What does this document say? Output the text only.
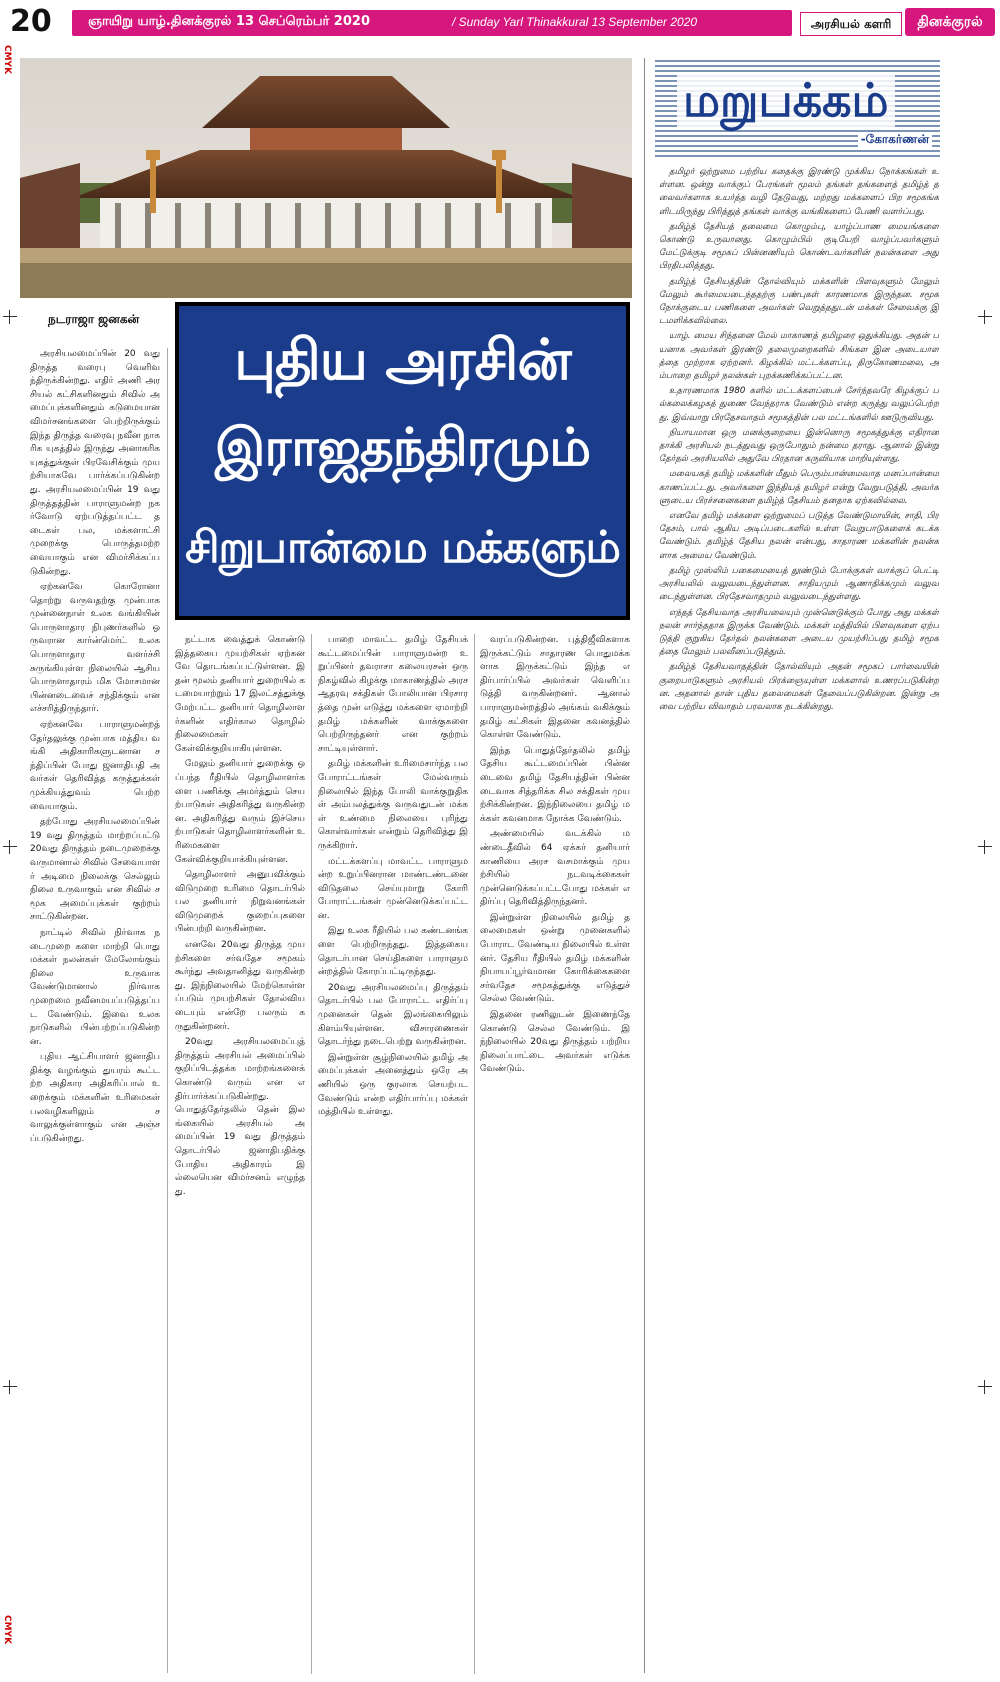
20	ஞாயிறு யாழ்.தினக்குரல் 13 செப்ரெம்பர் 2020	/ Sunday Yarl Thinakkural 13 September 2020	அரசியல் களரி	தினக்குரல்
CMYK
CMYK
நடராஜா ஜனகன்
புதிய அரசின்
இராஜதந்திரமும்
சிறுபான்மை மக்களும்

அரசியலமைப்பின் 20 வது திருத்த வரைபு வெளிவந்திருக்கின்றது. எதிர் அணி அரசியல் கட்சிகளினதும் சிவில் அமைப்புக்களினதும் கடுமையான விமர்சனங்களை பெற்றிருக்கும் இந்த திருத்த வரைவு நவீன நாகரிக யுகத்தில் இருந்து அனாகரிக யுகத்துக்குள் பிரவேசிக்கும் முயற்சியாகவே பார்க்கப்படுகின்றது. அரசியலமைப்பின் 19 வது திருத்தத்தின் பாராளுமன்ற நகர்வோடு ஏற்படுத்தப்பட்ட தடைகள் பல, மக்களாட்சி முறைக்கு பொருத்தமற்றவையாகும் என விமர்சிக்கப்படுகின்றது.

ஏற்கனவே கொரோனா தொற்று வருவதற்கு முன்பாக முன்னைநாள் உலக வங்கியின் பொருளாதார நிபுணர்களில் ஒருவரான கார்ன்மெர்ட் உலக பொருளாதார வளர்ச்சி சுருங்கியுள்ள நிலையில் ஆசிய பொருளாதாரம் மிக மோசமான பின்னடைவைச் சந்திக்கும் என எச்சரித்திருந்தார்.

ஏற்கனவே பாராளுமன்றத் தேர்தலுக்கு முன்பாக மத்திய வங்கி அதிகாரிகளுடனான சந்திப்பின் போது ஜனாதிபதி அவர்கள் தெரிவித்த கருத்துக்கள் முக்கியத்துவம் பெற்றவையாகும்.

தற்போது அரசியலமைப்பின் 19 வது திருத்தம் மாற்றப்பட்டு 20வது திருத்தம் நடைமுறைக்கு வருமானால் சிவில் சேவையாளர் அடிமை நிலைக்கு செல்லும் நிலை உருவாகும் என சிவில் சமூக அமைப்புக்கள் குற்றம் சாட்டுகின்றன.

நாட்டில் சிவில் நிர்வாக நடைமுறை களை மாற்றி பொது மக்கள் நலன்கள் மேலோங்கும் நிலை உருவாக வேண்டுமானால் நிர்வாக முறைமை நவீனமயப்படுத்தப்பட வேண்டும். இவை உலக நாடுகளில் பின்பற்றப்படுகின்றன.

புதிய ஆட்சியாளர் ஜனாதிபதிக்கு வழங்கும் துயரம் கூட்டற்ற அதிகார அதிகரிப்பால் உறைக்கும் மக்களின் உரிமைகள் பலவழிகளிலும் சவாலுக்குள்ளாகும் என அஞ்சப்படுகின்றது.

நட்டாக வைத்துக் கொண்டு இத்தகைய முயற்சிகள் ஏற்கனவே தொடங்கப்பட்டுள்ளன. இதன் மூலம் தனியார் துறையில் கடமையாற்றும் 17 இலட்சத்துக்கு மேற்பட்ட தனியார் தொழிலாளர்களின் எதிர்கால தொழில் நிலைமைகள் கேள்விக்குறியாகியுள்ளன.

மேலும் தனியார் துறைக்கு ஒப்பந்த ரீதியில் தொழிலாளர்களை பணிக்கு அமர்த்தும் செயற்பாடுகள் அதிகரித்து வருகின்றன. அதிகரித்து வரும் இச்செயற்பாடுகள் தொழிலாளர்களின் உரிமைகளை கேள்விக்குறியாக்கியுள்ளன.

தொழிலாளர் அனுபவிக்கும் விடுமுறை உரிமை தொடர்பில் பல தனியார் நிறுவனங்கள் விடுமுறைக் குறைப்புகளை பின்பற்றி வருகின்றன.

எனவே 20வது திருத்த முயற்சிகளை சர்வதேச சமூகம் கூர்ந்து அவதானித்து வருகின்றது. இந்நிலையில் மேற்கொள்ளப்படும் முயற்சிகள் தோல்வியடையும் என்றே பலரும் கருதுகின்றனர்.

20வது அரசியலமைப்புத் திருத்தம் அரசியல் அமைப்பில் குறிப்பிடத்தக்க மாற்றங்களைக் கொண்டு வரும் என எதிர்பார்க்கப்படுகின்றது. பொதுத்தேர்தலில் தென் இலங்கையில் அரசியல் அமைப்பின் 19 வது திருத்தம் தொடர்பில் ஜனாதிபதிக்கு போதிய அதிகாரம் இல்லையென விமர்சனம் எழுந்தது.

பாறை மாவட்ட தமிழ் தேசியக் கூட்டமைப்பின் பாராளுமன்ற உறுப்பினர் தவராசா கலையரசன் ஒரு நிகழ்வில் கிழக்கு மாகாணத்தில் அரச ஆதரவு சக்திகள் போலியான பிரசாரத்தை முன் எடுத்து மக்களை ஏமாற்றி தமிழ் மக்களின் வாக்குகளை பெற்றிருந்தனர் என குற்றம் சாட்டியுள்ளார்.

தமிழ் மக்களின் உரிமைசார்ந்த பல போராட்டங்கள் மேல்வரும் நிலையில் இந்த போலி வாக்குறுதிகள் அம்பலத்துக்கு வருவதுடன் மக்கள் உண்மை நிலையை புரிந்து கொள்வார்கள் என்றும் தெரிவித்து இருக்கிறார்.

மட்டக்களப்பு மாவட்ட பாராளுமன்ற உறுப்பினரான மாண்டண்டனை விடுதலை செய்யுமாறு கோரி போராட்டங்கள் முன்னெடுக்கப்பட்டன.

இது உலக ரீதியில் பல கண்டனங்களை பெற்றிருந்தது. இத்தகைய தொடர்பான செய்திகளை பாராளுமன்றத்தில் கோரப்பட்டிருந்தது.

20வது அரசியலமைப்பு திருத்தம் தொடர்பில் பல போராட்ட எதிர்ப்பு முனைகள் தென் இலங்கையிலும் கிளம்பியுள்ளன. விசாரணைகள் தொடர்ந்து நடைபெற்று வருகின்றன.

இன்றுள்ள சூழ்நிலையில் தமிழ் அமைப்புக்கள் அனைத்தும் ஒரே அணியில் ஒரு குரலாக செயற்பட வேண்டும் என்ற எதிர்பார்ப்பு மக்கள் மத்தியில் உள்ளது.

வரப்படுகின்றன. புத்திஜீவிகளாக இருக்கட்டும் சாதாரண பொதுமக்களாக இருக்கட்டும் இந்த எதிர்பார்ப்பில் அவர்கள் வெளிப்படுத்தி வருகின்றனர். ஆனால் பாராளுமன்றத்தில் அங்கம் வகிக்கும் தமிழ் கட்சிகள் இதனை கவனத்தில் கொள்ள வேண்டும்.

இந்த பொதுத்தேர்தலில் தமிழ் தேசிய கூட்டமைப்பின் பின்னடைவை தமிழ் தேசியத்தின் பின்னடைவாக சித்தரிக்க சில சக்திகள் முயற்சிக்கின்றன. இந்நிலையை தமிழ் மக்கள் கவனமாக நோக்க வேண்டும்.

அண்மையில் வடக்கில் மண்டைதீவில் 64 ஏக்கர் தனியார் காணியை அரச வசமாக்கும் முயற்சியில் நடவடிக்கைகள் முன்னெடுக்கப்பட்டபோது மக்கள் எதிர்ப்பு தெரிவித்திருந்தனர்.

இன்றுள்ள நிலையில் தமிழ் தலைமைகள் ஒன்று முனைகளில் போராட வேண்டிய நிலையில் உள்ளனர். தேசிய ரீதியில் தமிழ் மக்களின் நியாயப்பூர்வமான கோரிக்கைகளை சர்வதேச சமூகத்துக்கு எடுத்துச் செல்ல வேண்டும்.

இதனை ரணிலுடன் இணைந்தே கொண்டு செல்ல வேண்டும். இந்நிலையில் 20வது திருத்தம் பற்றிய நிலைப்பாட்டை அவர்கள் எடுக்க வேண்டும்.

மறுபக்கம்
-கோகர்ணன்

தமிழர் ஒற்றுமை பற்றிய கதைக்கு இரண்டு முக்கிய நோக்கங்கள் உள்ளன. ஒன்று வாக்குப் பேரங்கள் மூலம் தங்கள் தங்களைத் தமிழ்த் தலைவர்களாக உயர்த்த வழி தேடுவது, மற்றது மக்களைப் பிற சமூகங்களிடமிருந்து பிரித்துத் தங்கள் வாக்கு வங்கிகளைப் பேணி வளர்ப்பது.

தமிழ்த் தேசியத் தலைமை கொழும்பு, யாழ்ப்பாண மையங்களை கொண்டு உருவானது. கொழும்பில் குடியேறி வாழ்ப்பவர்களும் மேட்டுக்குடி சமூகப் பின்னணியும் கொண்டவர்களின் நலன்களை அது பிரதிபலித்தது.

தமிழ்த் தேசியத்தின் தோல்வியும் மக்களின் பிளவுகளும் மேலும் மேலும் கூர்மையடைந்ததற்கு பண்புகள் காரணமாக இருந்தன. சமூக நோக்குடைய பணிகளை அவர்கள் வெறுத்ததுடன் மக்கள் சேவைக்கு இடமளிக்கவில்லை.

யாழ். மைய சிந்தனை மேல் மாகாணத் தமிழரை ஒதுக்கியது. அதன் பயனாக அவர்கள் இரண்டு தலைமுறைகளில் சிங்கள இன அடையாளத்தை முற்றாக ஏற்றனர். கிழக்கில் மட்டக்களப்பு, திருகோணமலை, அம்பாறை தமிழர் நலன்கள் புறக்கணிக்கப்பட்டன.

உதாரணமாக 1980 களில் மட்டக்களப்பைச் சேர்ந்தவரே கிழக்குப் பல்கலைக்கழகத் துணை வேந்தராக வேண்டும் என்ற கருத்து வலுப்பெற்றது. இவ்வாறு பிரதேசவாதம் சமூகத்தின் பல மட்டங்களில் ஊடுருவியது.

நியாயமான ஒரு மனக்குறையை இன்னொரு சமூகத்துக்கு எதிரான தாக்கி அரசியல் நடத்துவது ஒருபோதும் நன்மை தராது. ஆனால் இன்று தேர்தல் அரசியலில் அதுவே பிரதான கருவியாக மாறியுள்ளது.

மலையகத் தமிழ் மக்களின் மீதும் பெரும்பான்மைவாத மனப்பான்மை காணப்பட்டது. அவர்களை இந்தியத் தமிழர் என்று வேறுபடுத்தி, அவர்களுடைய பிரச்சனைகளை தமிழ்த் தேசியம் தனதாக ஏற்கவில்லை.

எனவே தமிழ் மக்களை ஒற்றுமைப் படுத்த வேண்டுமாயின், சாதி, பிரதேசம், பால் ஆகிய அடிப்படைகளில் உள்ள வேறுபாடுகளைக் கடக்க வேண்டும். தமிழ்த் தேசிய நலன் என்பது, சாதாரண மக்களின் நலன்களாக அமைய வேண்டும்.

தமிழ் முஸ்லிம் பகைமையைத் தூண்டும் போக்குகள் வாக்குப் பெட்டி அரசியலில் வலுவடைந்துள்ளன. சாதியமும் ஆணாதிக்கமும் வலுவடைந்துள்ளன. பிரதேசவாதமும் வலுவடைந்துள்ளது.

எந்தத் தேசியவாத அரசியலையும் முன்னெடுக்கும் போது அது மக்கள் நலன் சார்ந்ததாக இருக்க வேண்டும். மக்கள் மத்தியில் பிளவுகளை ஏற்படுத்தி குறுகிய தேர்தல் நலன்களை அடைய முயற்சிப்பது தமிழ் சமூகத்தை மேலும் பலவீனப்படுத்தும்.

தமிழ்த் தேசியவாதத்தின் தோல்வியும் அதன் சமூகப் பார்வையின் குறைபாடுகளும் அரசியல் பிரக்ஞையுள்ள மக்களால் உணரப்படுகின்றன. அதனால் தான் புதிய தலைமைகள் தேவைப்படுகின்றன. இன்று அவை பற்றிய விவாதம் பரவலாக நடக்கின்றது.
